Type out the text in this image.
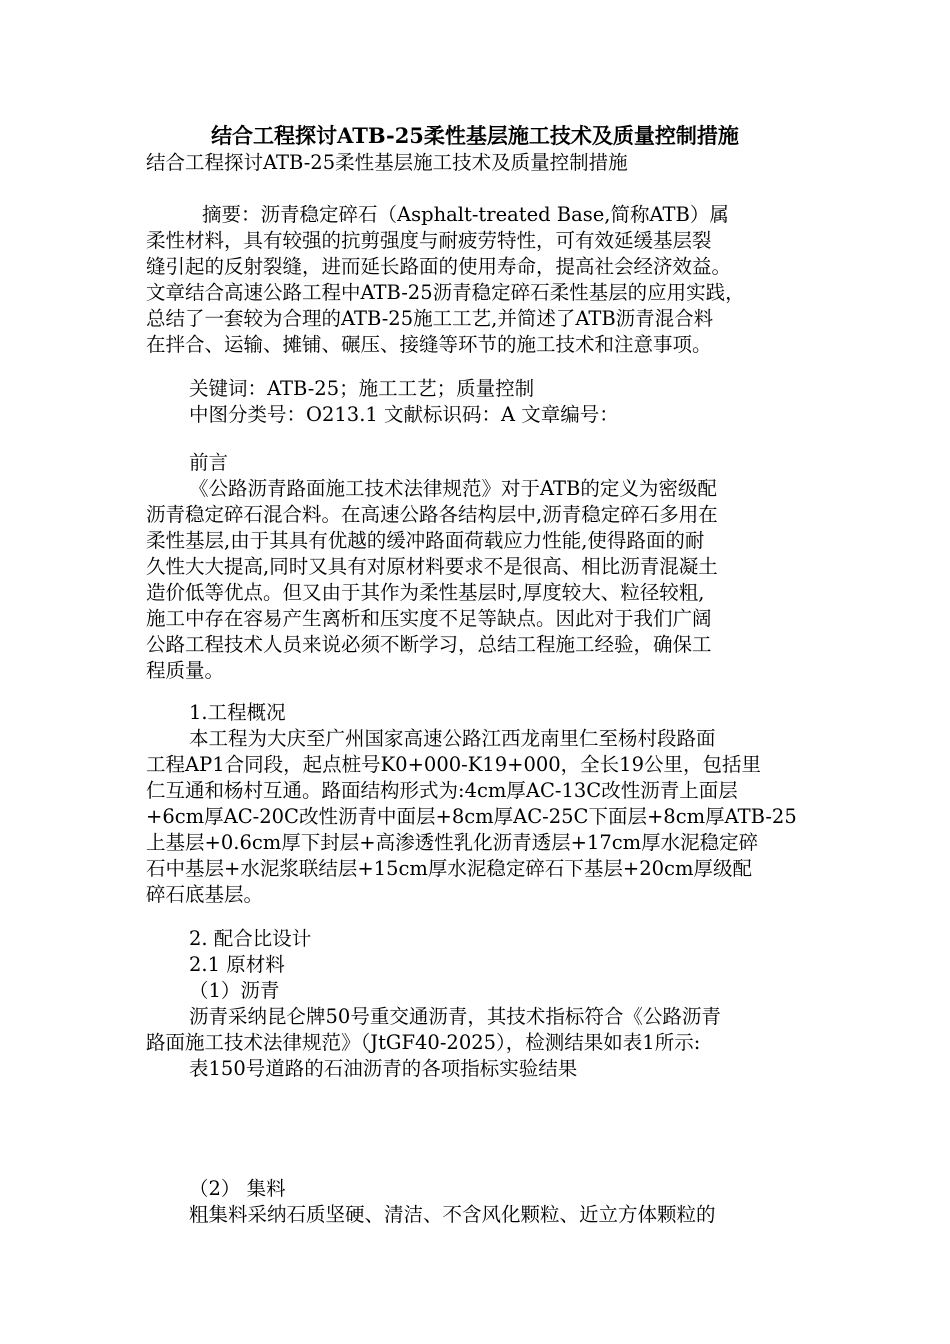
结合工程探讨ATB-25柔性基层施工技术及质量控制措施
结合工程探讨ATB-25柔性基层施工技术及质量控制措施
摘要：沥青稳定碎石（Asphalt-treated Base,简称ATB）属
柔性材料，具有较强的抗剪强度与耐疲劳特性，可有效延缓基层裂
缝引起的反射裂缝，进而延长路面的使用寿命，提高社会经济效益。
文章结合高速公路工程中ATB-25沥青稳定碎石柔性基层的应用实践，
总结了一套较为合理的ATB-25施工工艺,并简述了ATB沥青混合料
在拌合、运输、摊铺、碾压、接缝等环节的施工技术和注意事项。
关键词：ATB-25；施工工艺；质量控制
中图分类号：O213.1 文献标识码：A 文章编号：
前言
《公路沥青路面施工技术法律规范》对于ATB的定义为密级配
沥青稳定碎石混合料。在高速公路各结构层中,沥青稳定碎石多用在
柔性基层,由于其具有优越的缓冲路面荷载应力性能,使得路面的耐
久性大大提高,同时又具有对原材料要求不是很高、相比沥青混凝土
造价低等优点。但又由于其作为柔性基层时,厚度较大、粒径较粗,
施工中存在容易产生离析和压实度不足等缺点。因此对于我们广阔
公路工程技术人员来说必须不断学习，总结工程施工经验，确保工
程质量。
1.工程概况
本工程为大庆至广州国家高速公路江西龙南里仁至杨村段路面
工程AP1合同段，起点桩号K0+000-K19+000，全长19公里，包括里
仁互通和杨村互通。路面结构形式为:4cm厚AC-13C改性沥青上面层
+6cm厚AC-20C改性沥青中面层+8cm厚AC-25C下面层+8cm厚ATB-25
上基层+0.6cm厚下封层+高渗透性乳化沥青透层+17cm厚水泥稳定碎
石中基层+水泥浆联结层+15cm厚水泥稳定碎石下基层+20cm厚级配
碎石底基层。
2. 配合比设计
2.1 原材料
（1）沥青
沥青采纳昆仑牌50号重交通沥青，其技术指标符合《公路沥青
路面施工技术法律规范》（JtGF40-2025），检测结果如表1所示:
表150号道路的石油沥青的各项指标实验结果
（2） 集料
粗集料采纳石质坚硬、清洁、不含风化颗粒、近立方体颗粒的
